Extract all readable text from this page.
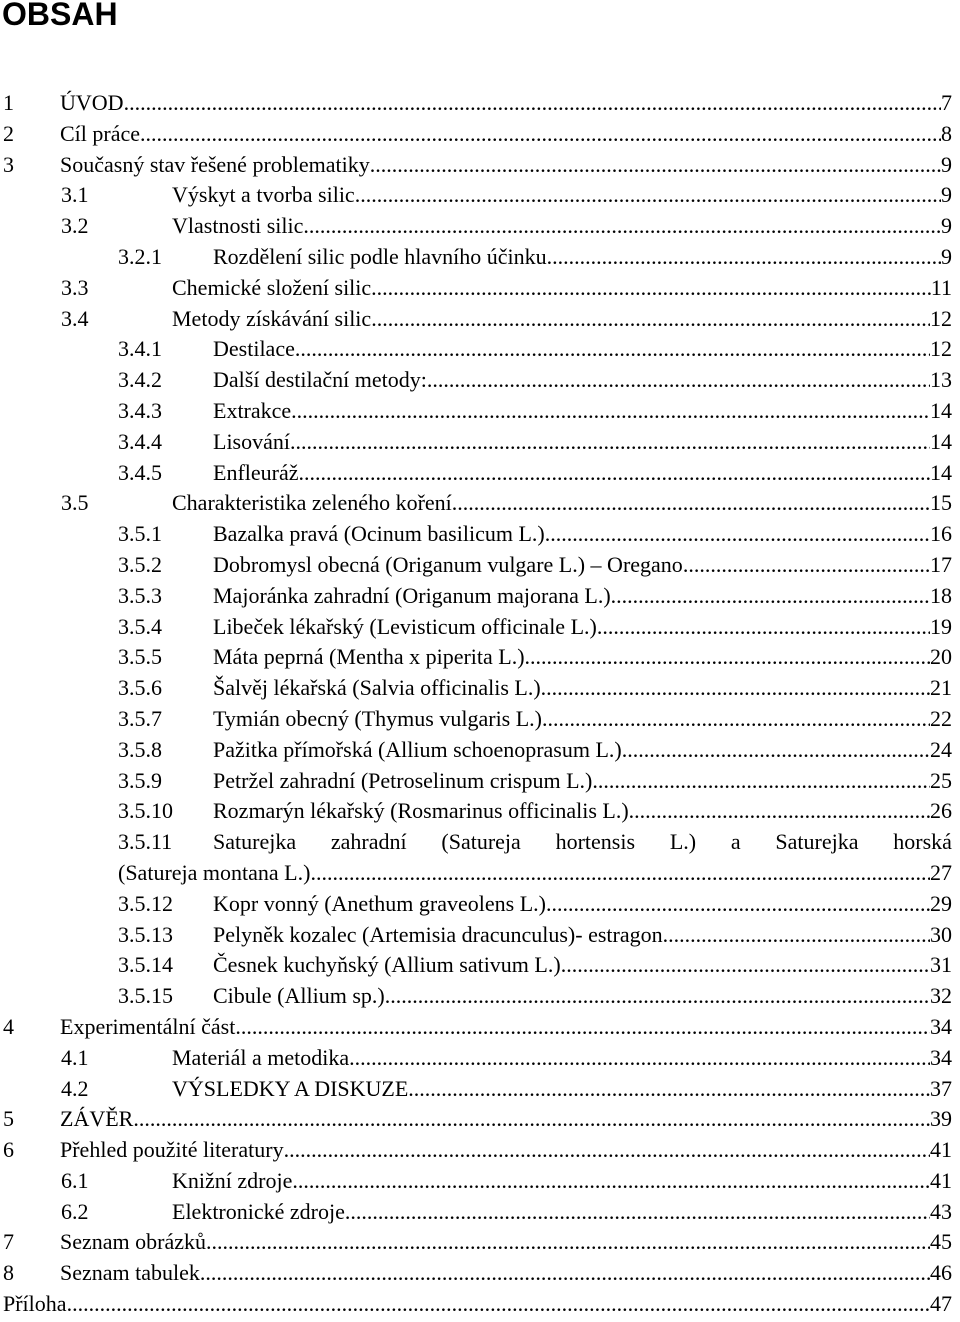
OBSAH
1 ÚVOD .....	7
2 Cíl práce .....	8
3 Současný stav řešené problematiky .....	9
3.1	Výskyt a tvorba silic .....	9
3.2	Vlastnosti silic. .....	9
3.2.1 Rozdělení silic podle hlavního účinku .....	9
3.3	Chemické složení silic .....	11
3.4	Metody získávání silic .....	12
3.4.1 Destilace .....	12
3.4.2 Další destilační metody: .....	13
3.4.3 Extrakce .....	14
3.4.4 Lisování .....	14
3.4.5 Enfleuráž .....	14
3.5	Charakteristika zeleného koření .....	15
3.5.1 Bazalka pravá (Ocinum basilicum L.) .....	16
3.5.2 Dobromysl obecná (Origanum vulgare L.) – Oregano .....	17
3.5.3 Majoránka zahradní (Origanum majorana L.) .....	18
3.5.4 Libeček lékařský (Levisticum officinale L.) .....	19
3.5.5 Máta peprná (Mentha x piperita L.) .....	20
3.5.6 Šalvěj lékařská (Salvia officinalis L.) .....	21
3.5.7 Tymián obecný (Thymus vulgaris L.) .....	22
3.5.8 Pažitka přímořská (Allium schoenoprasum L.) .....	24
3.5.9 Petržel zahradní (Petroselinum crispum L.) .....	25
3.5.10 Rozmarýn lékařský (Rosmarinus officinalis L.) .....	26
3.5.11 Saturejka zahradní (Satureja hortensis L.) a Saturejka horská
(Satureja montana L.) .....	27
3.5.12 Kopr vonný (Anethum graveolens L.) .....	29
3.5.13 Pelyněk kozalec (Artemisia dracunculus)- estragon .....	30
3.5.14 Česnek kuchyňský (Allium sativum L.) .....	31
3.5.15 Cibule (Allium sp.) .....	32
4 Experimentální část .....	34
4.1	Materiál a metodika .....	34
4.2	VÝSLEDKY A DISKUZE .....	37
5 ZÁVĚR .....	39
6 Přehled použité literatury .....	41
6.1	Knižní zdroje .....	41
6.2	Elektronické zdroje .....	43
7 Seznam obrázků .....	45
8 Seznam tabulek .....	46
Příloha .....	47
